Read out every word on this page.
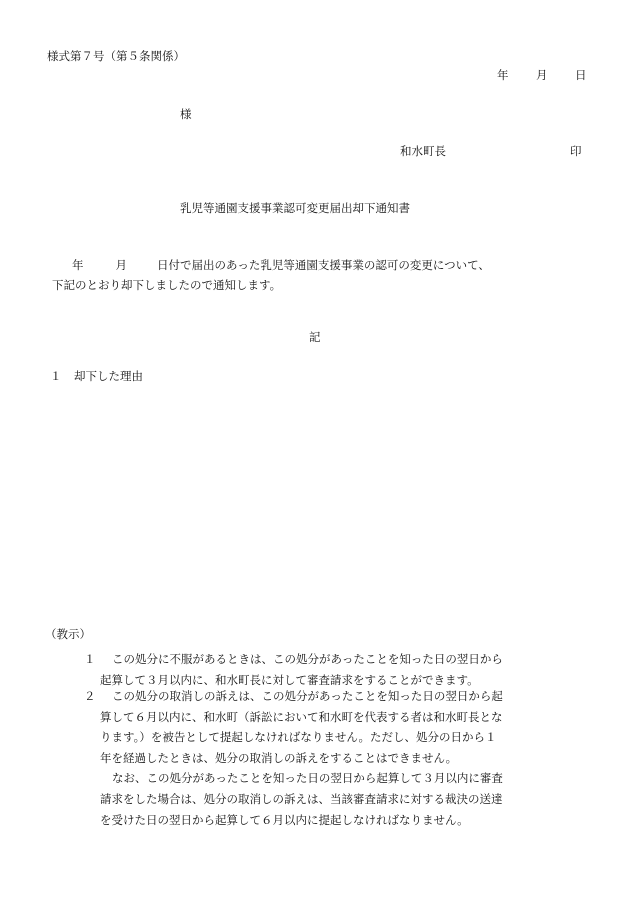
様式第７号（第５条関係）
年 月 日
様
和水町長	印
乳児等通園支援事業認可変更届出却下通知書
年	月	日付で届出のあった乳児等通園支援事業の認可の変更について、
下記のとおり却下しましたので通知します。
記
１ 却下した理由
（教示）
１	この処分に不服があるときは、この処分があったことを知った日の翌日から

起算して３月以内に、和水町長に対して審査請求をすることができます。

２	この処分の取消しの訴えは、この処分があったことを知った日の翌日から起

算して６月以内に、和水町（訴訟において和水町を代表する者は和水町長とな

ります。）を被告として提起しなければなりません。ただし、処分の日から１

年を経過したときは、処分の取消しの訴えをすることはできません。

なお、この処分があったことを知った日の翌日から起算して３月以内に審査

請求をした場合は、処分の取消しの訴えは、当該審査請求に対する裁決の送達

を受けた日の翌日から起算して６月以内に提起しなければなりません。
